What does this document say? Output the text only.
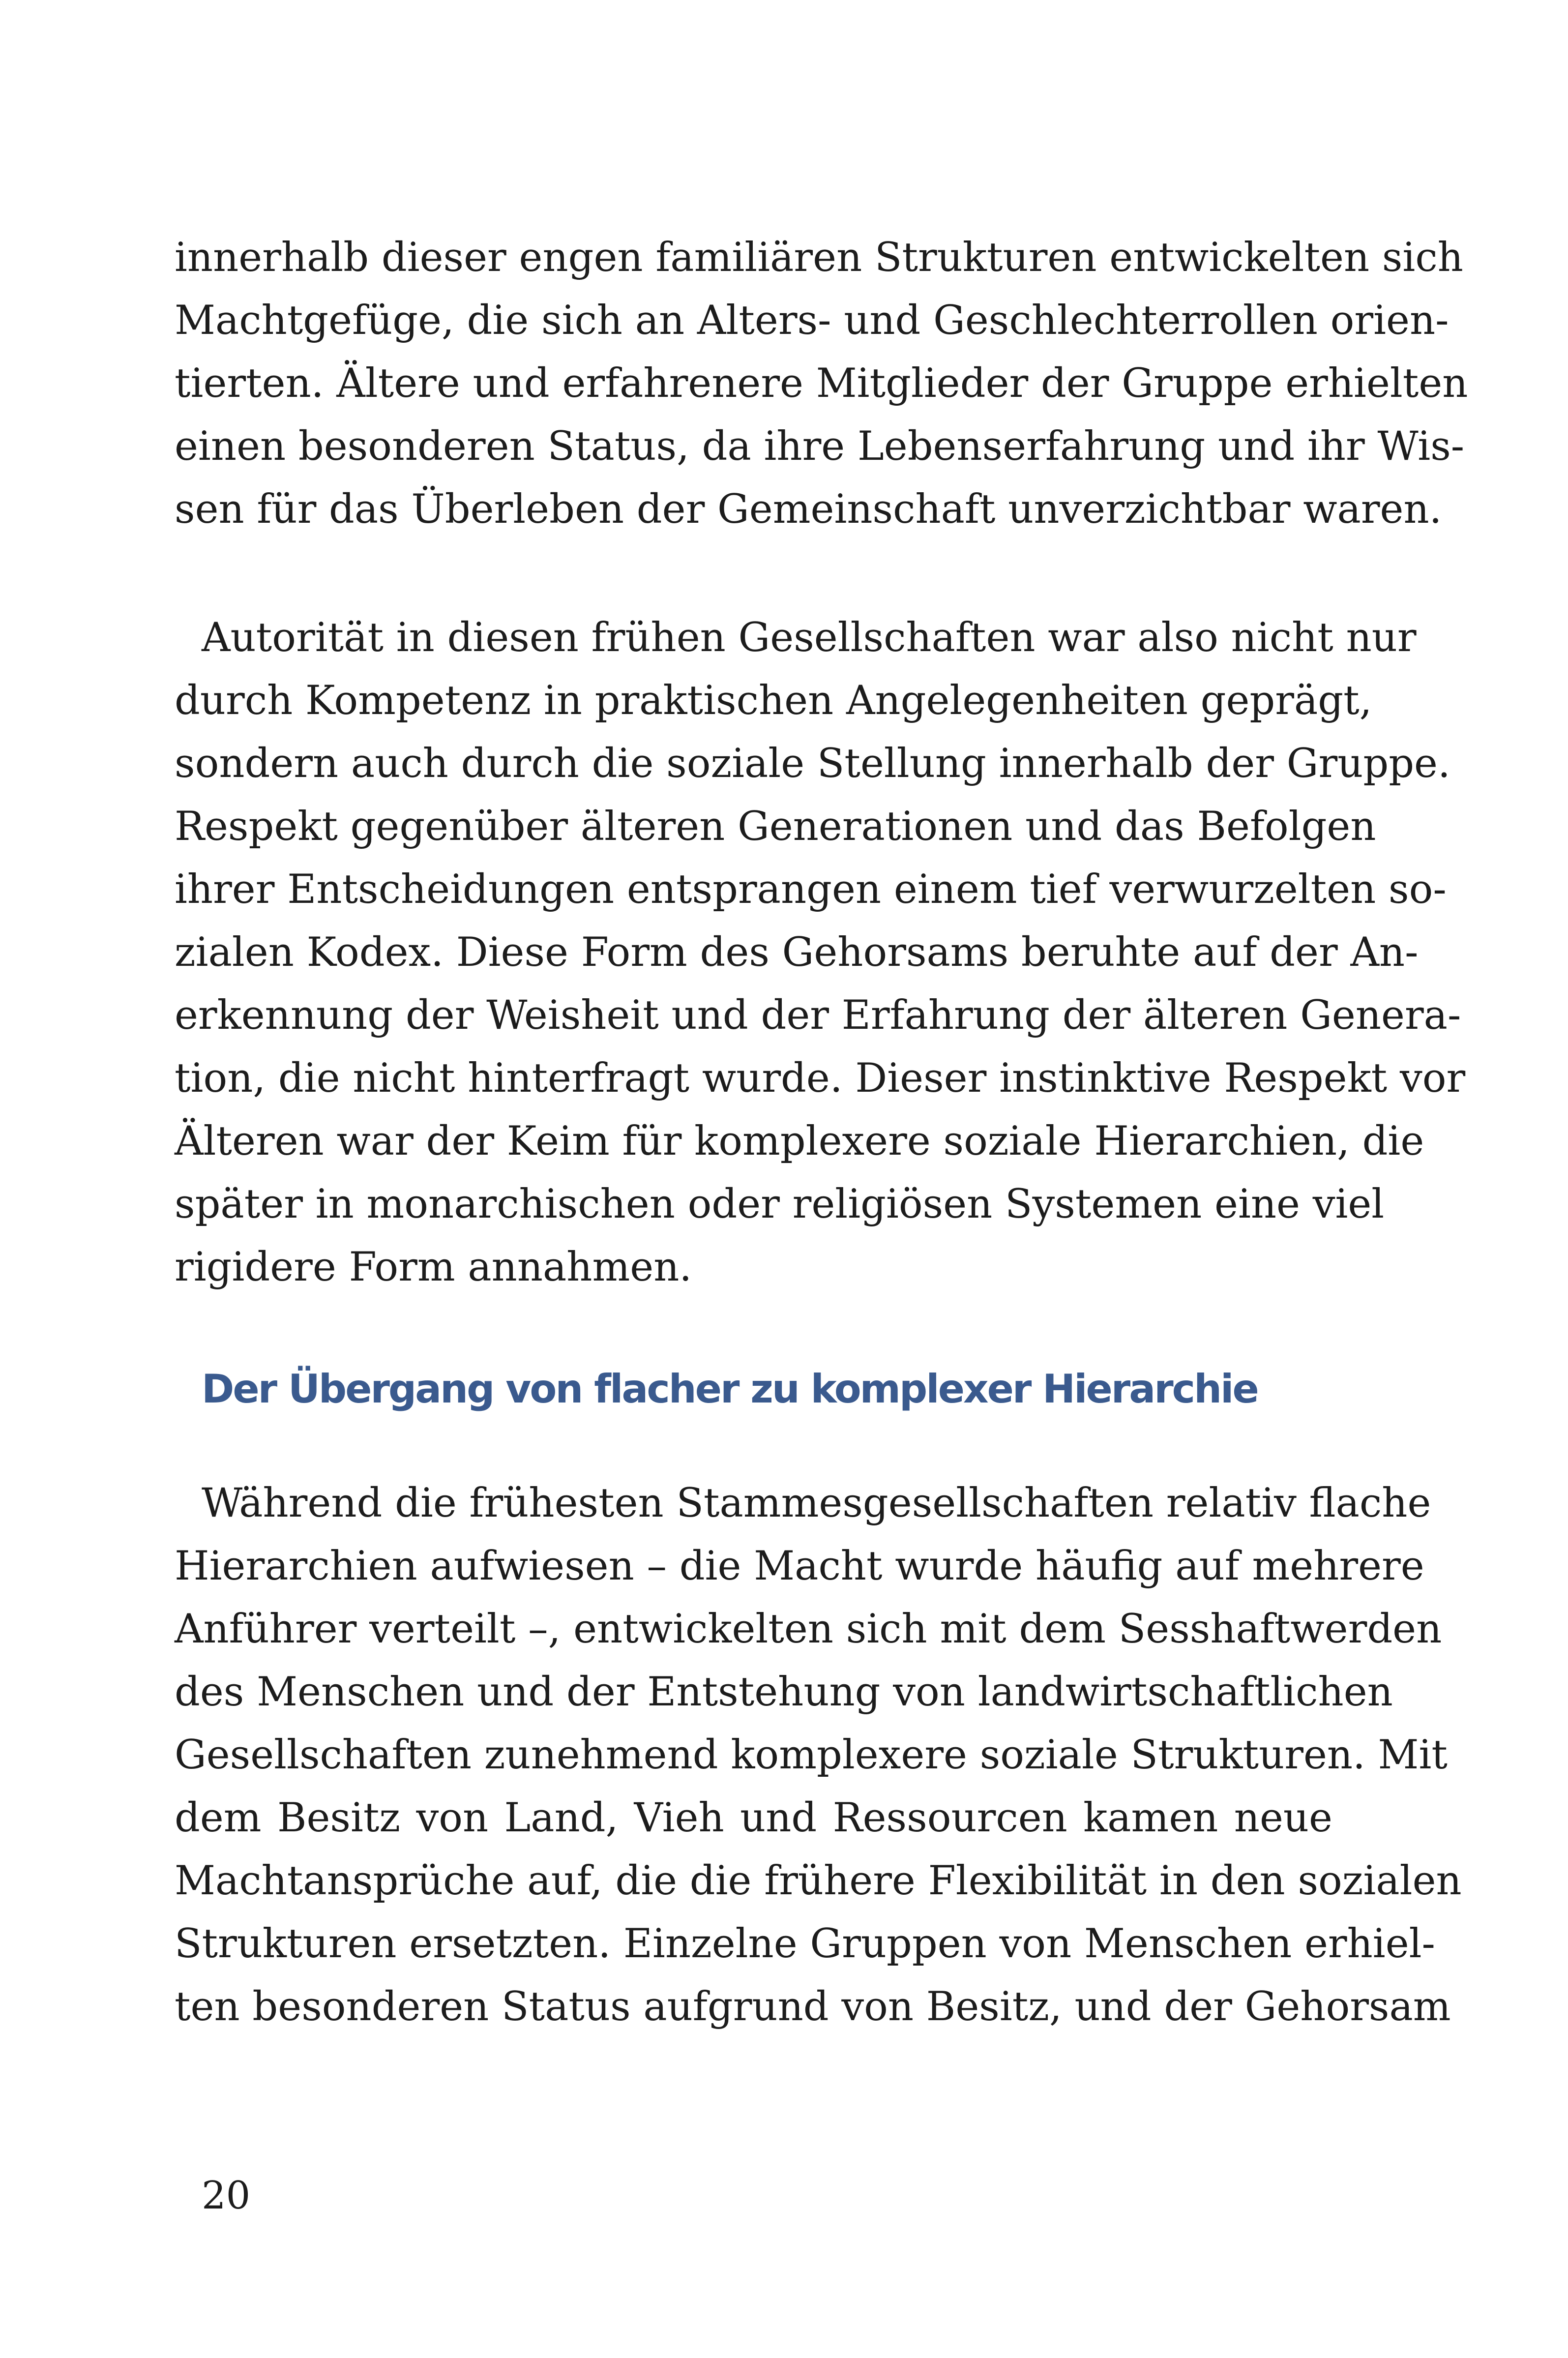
innerhalb dieser engen familiären Strukturen entwickelten sich
Machtgefüge, die sich an Alters- und Geschlechterrollen orien-
tierten. Ältere und erfahrenere Mitglieder der Gruppe erhielten
einen besonderen Status, da ihre Lebenserfahrung und ihr Wis-
sen für das Überleben der Gemeinschaft unverzichtbar waren.
Autorität in diesen frühen Gesellschaften war also nicht nur
durch Kompetenz in praktischen Angelegenheiten geprägt,
sondern auch durch die soziale Stellung innerhalb der Gruppe.
Respekt gegenüber älteren Generationen und das Befolgen
ihrer Entscheidungen entsprangen einem tief verwurzelten so-
zialen Kodex. Diese Form des Gehorsams beruhte auf der An-
erkennung der Weisheit und der Erfahrung der älteren Genera-
tion, die nicht hinterfragt wurde. Dieser instinktive Respekt vor
Älteren war der Keim für komplexere soziale Hierarchien, die
später in monarchischen oder religiösen Systemen eine viel
rigidere Form annahmen.
Der Übergang von flacher zu komplexer Hierarchie
Während die frühesten Stammesgesellschaften relativ flache
Hierarchien aufwiesen – die Macht wurde häufig auf mehrere
Anführer verteilt –, entwickelten sich mit dem Sesshaftwerden
des Menschen und der Entstehung von landwirtschaftlichen
Gesellschaften zunehmend komplexere soziale Strukturen. Mit
dem Besitz von Land, Vieh und Ressourcen kamen neue
Machtansprüche auf, die die frühere Flexibilität in den sozialen
Strukturen ersetzten. Einzelne Gruppen von Menschen erhiel-
ten besonderen Status aufgrund von Besitz, und der Gehorsam

20
